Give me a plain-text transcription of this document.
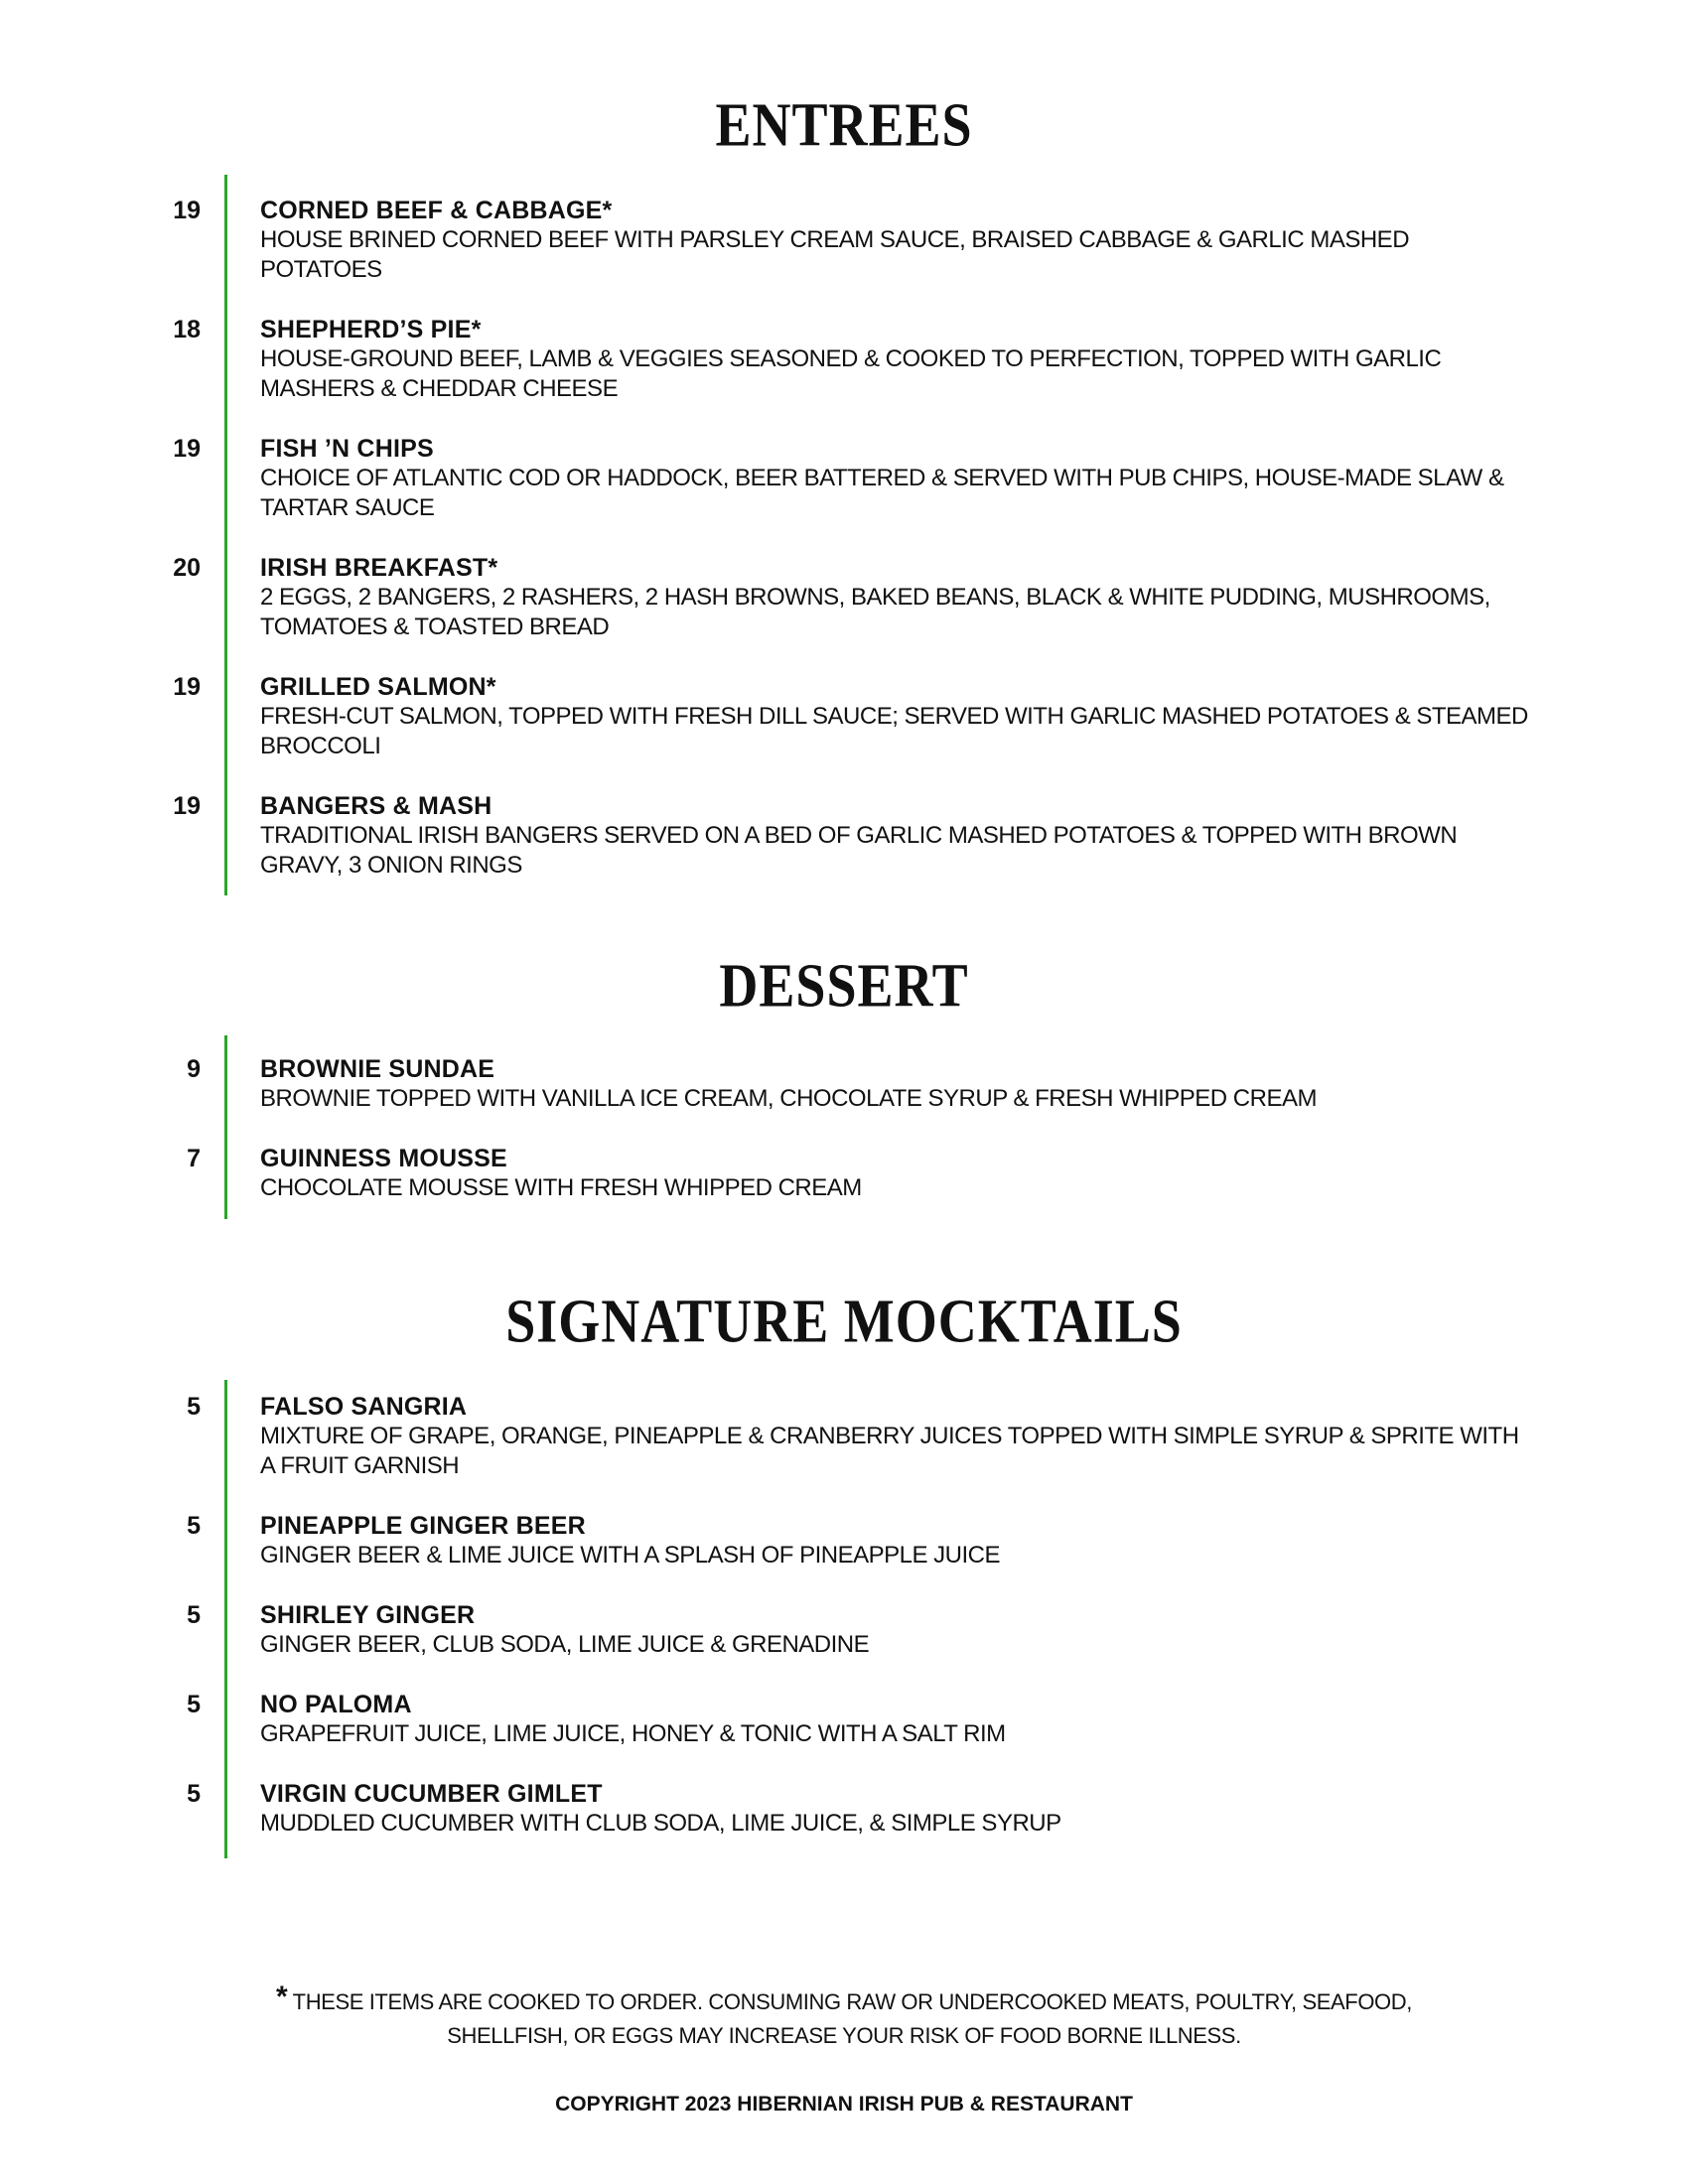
ENTREES
19 CORNED BEEF & CABBAGE*
HOUSE BRINED CORNED BEEF WITH PARSLEY CREAM SAUCE, BRAISED CABBAGE & GARLIC MASHED POTATOES
18 SHEPHERD’S PIE*
HOUSE-GROUND BEEF, LAMB & VEGGIES SEASONED & COOKED TO PERFECTION, TOPPED WITH GARLIC MASHERS & CHEDDAR CHEESE
19 FISH ’N CHIPS
CHOICE OF ATLANTIC COD OR HADDOCK, BEER BATTERED & SERVED WITH PUB CHIPS, HOUSE-MADE SLAW & TARTAR SAUCE
20 IRISH BREAKFAST*
2 EGGS, 2 BANGERS, 2 RASHERS, 2 HASH BROWNS, BAKED BEANS, BLACK & WHITE PUDDING, MUSHROOMS, TOMATOES & TOASTED BREAD
19 GRILLED SALMON*
FRESH-CUT SALMON, TOPPED WITH FRESH DILL SAUCE; SERVED WITH GARLIC MASHED POTATOES & STEAMED BROCCOLI
19 BANGERS & MASH
TRADITIONAL IRISH BANGERS SERVED ON A BED OF GARLIC MASHED POTATOES & TOPPED WITH BROWN GRAVY, 3 ONION RINGS
DESSERT
9 BROWNIE SUNDAE
BROWNIE TOPPED WITH VANILLA ICE CREAM, CHOCOLATE SYRUP & FRESH WHIPPED CREAM
7 GUINNESS MOUSSE
CHOCOLATE MOUSSE WITH FRESH WHIPPED CREAM
SIGNATURE MOCKTAILS
5 FALSO SANGRIA
MIXTURE OF GRAPE, ORANGE, PINEAPPLE & CRANBERRY JUICES TOPPED WITH SIMPLE SYRUP & SPRITE WITH A FRUIT GARNISH
5 PINEAPPLE GINGER BEER
GINGER BEER & LIME JUICE WITH A SPLASH OF PINEAPPLE JUICE
5 SHIRLEY GINGER
GINGER BEER, CLUB SODA, LIME JUICE & GRENADINE
5 NO PALOMA
GRAPEFRUIT JUICE, LIME JUICE, HONEY & TONIC WITH A SALT RIM
5 VIRGIN CUCUMBER GIMLET
MUDDLED CUCUMBER WITH CLUB SODA, LIME JUICE, & SIMPLE SYRUP
* THESE ITEMS ARE COOKED TO ORDER. CONSUMING RAW OR UNDERCOOKED MEATS, POULTRY, SEAFOOD,
SHELLFISH, OR EGGS MAY INCREASE YOUR RISK OF FOOD BORNE ILLNESS.
COPYRIGHT 2023 HIBERNIAN IRISH PUB & RESTAURANT
